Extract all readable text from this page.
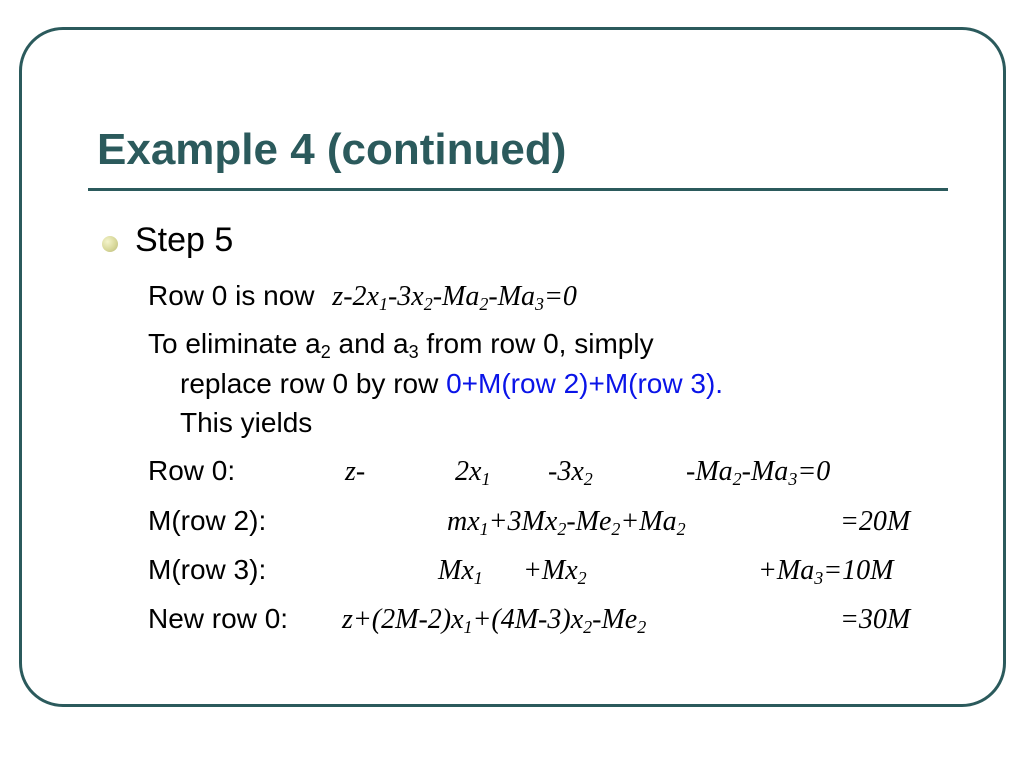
Example 4 (continued)
Step 5
Row 0 is now $z-2x_1-3x_2-Ma_2-Ma_3=0$
To eliminate $a_2$ and $a_3$ from row 0, simply
replace row 0 by row 0+M(row 2)+M(row 3).
This yields
Row 0:	z-	$2x_1$ $-3x_2$	$-Ma_2-Ma_3=0$
M(row 2):	$mx_1+3Mx_2-Me_2+Ma_2$	=20M
M(row 3):	$Mx_1 +Mx_2$	$+Ma_3=10M$
New row 0: $z+(2M-2)x_1+(4M-3)x_2-Me_2$	=30M
